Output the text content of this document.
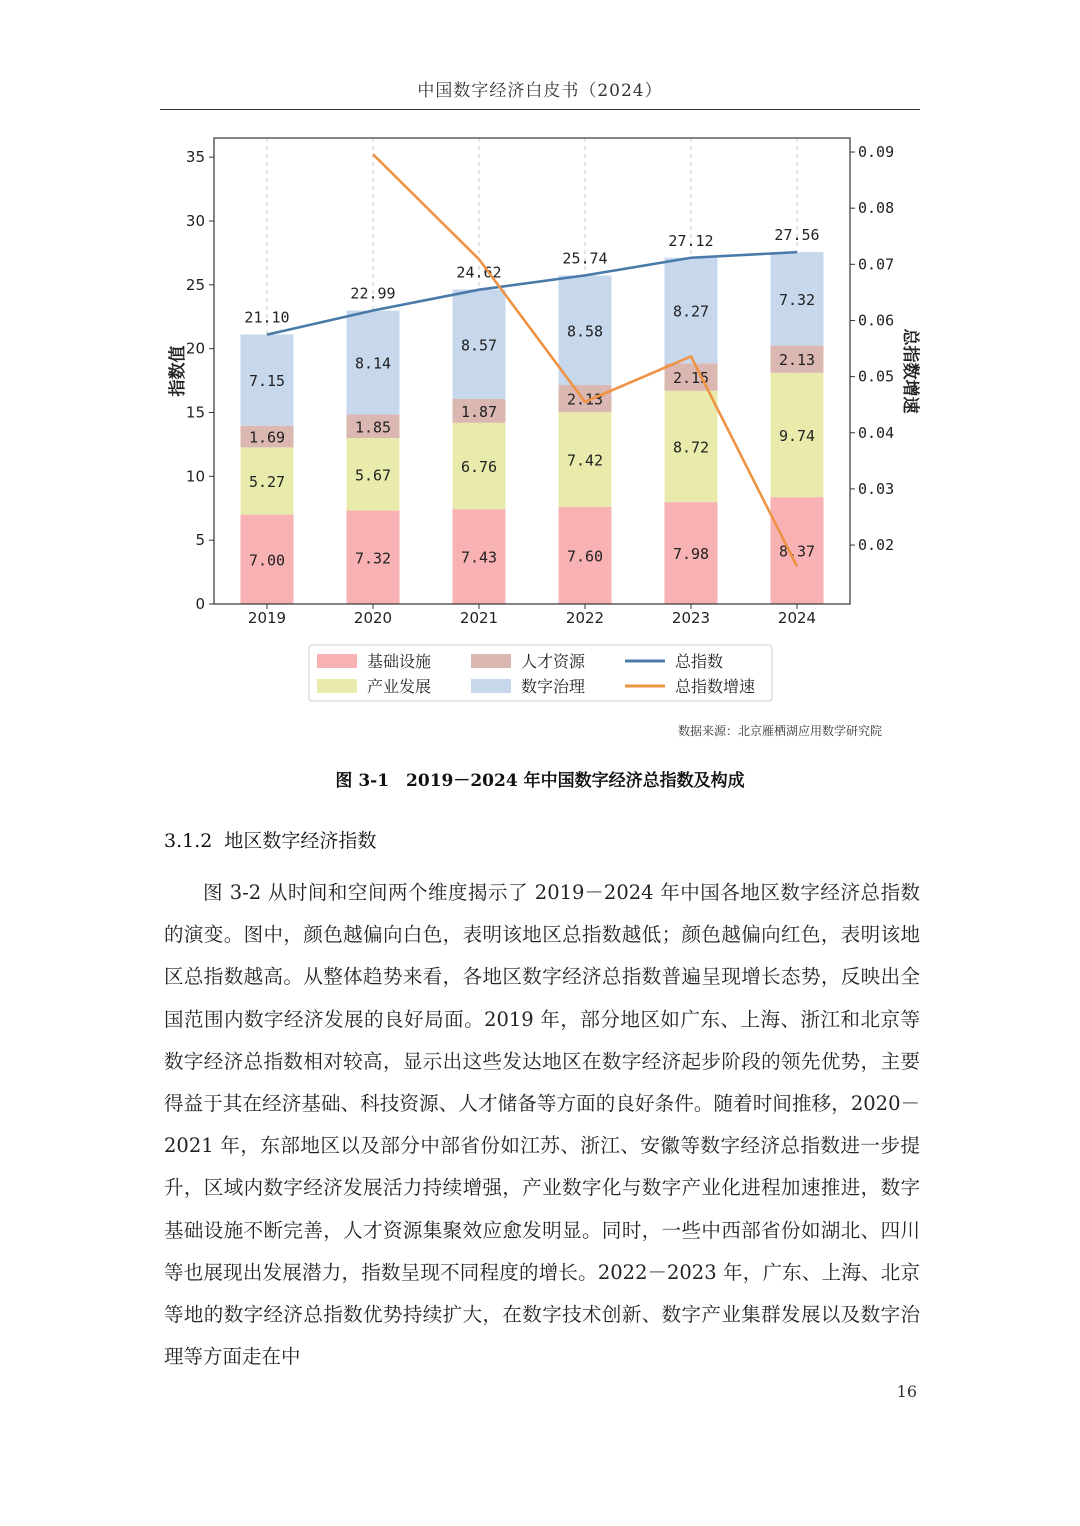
中国数字经济白皮书（2024）
7.00	7.32	7.43	7.60	7.98	8.37
5.27	5.67	6.76	7.42
8.72
9.74
1.69
1.85
1.87
2.13
2.15
2.13
7.15
8.14
8.57
8.58
8.27
7.32
21.10
22.99
24.62
25.74
27.12	27.56
0
5
10
15
20
25
30
35
0.02
0.03
0.04
0.05
0.06
0.07
0.08
0.09
2019	2020	2021	2022	2023	2024
指数值	总指数增速
基础设施	人才资源	总指数
产业发展	数字治理	总指数增速
数据来源：北京雁栖湖应用数学研究院
图 3-1　2019－2024 年中国数字经济总指数及构成
3.1.2 地区数字经济指数

图 3-2 从时间和空间两个维度揭示了 2019－2024 年中国各地区数字经济总指数的演变。图中，颜色越偏向白色，表明该地区总指数越低；颜色越偏向红色，表明该地区总指数越高。从整体趋势来看，各地区数字经济总指数普遍呈现增长态势，反映出全国范围内数字经济发展的良好局面。2019 年，部分地区如广东、上海、浙江和北京等数字经济总指数相对较高，显示出这些发达地区在数字经济起步阶段的领先优势，主要得益于其在经济基础、科技资源、人才储备等方面的良好条件。随着时间推移，2020－2021 年，东部地区以及部分中部省份如江苏、浙江、安徽等数字经济总指数进一步提升，区域内数字经济发展活力持续增强，产业数字化与数字产业化进程加速推进，数字基础设施不断完善，人才资源集聚效应愈发明显。同时，一些中西部省份如湖北、四川等也展现出发展潜力，指数呈现不同程度的增长。2022－2023 年，广东、上海、北京等地的数字经济总指数优势持续扩大，在数字技术创新、数字产业集群发展以及数字治理等方面走在中

16
